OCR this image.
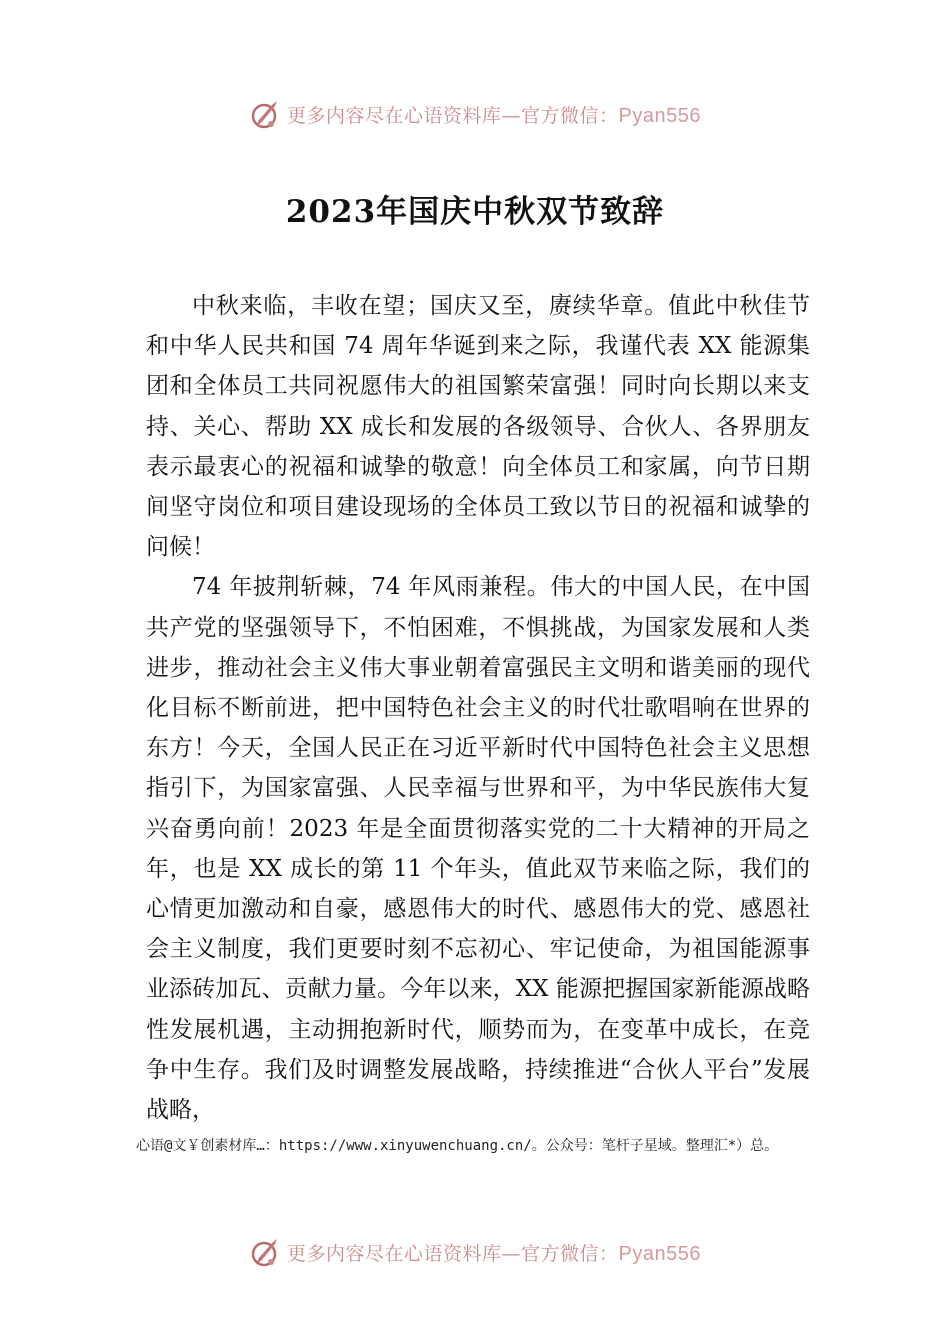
更多内容尽在心语资料库—官方微信：Pyan556
2023年国庆中秋双节致辞

中秋来临，丰收在望；国庆又至，赓续华章。值此中秋佳节和中华人民共和国 74 周年华诞到来之际，我谨代表 XX 能源集团和全体员工共同祝愿伟大的祖国繁荣富强！同时向长期以来支持、关心、帮助 XX 成长和发展的各级领导、合伙人、各界朋友表示最衷心的祝福和诚挚的敬意！向全体员工和家属，向节日期间坚守岗位和项目建设现场的全体员工致以节日的祝福和诚挚的问候！

74 年披荆斩棘，74 年风雨兼程。伟大的中国人民，在中国共产党的坚强领导下，不怕困难，不惧挑战，为国家发展和人类进步，推动社会主义伟大事业朝着富强民主文明和谐美丽的现代化目标不断前进，把中国特色社会主义的时代壮歌唱响在世界的东方！今天，全国人民正在习近平新时代中国特色社会主义思想指引下，为国家富强、人民幸福与世界和平，为中华民族伟大复兴奋勇向前！2023 年是全面贯彻落实党的二十大精神的开局之年，也是 XX 成长的第 11 个年头，值此双节来临之际，我们的心情更加激动和自豪，感恩伟大的时代、感恩伟大的党、感恩社会主义制度，我们更要时刻不忘初心、牢记使命，为祖国能源事业添砖加瓦、贡献力量。今年以来，XX 能源把握国家新能源战略性发展机遇，主动拥抱新时代，顺势而为，在变革中成长，在竞争中生存。我们及时调整发展战略，持续推进“合伙人平台”发展战略，

心语@文￥创素材库…：https://www.xinyuwenchuang.cn/。公众号：笔杆子星域。整理汇*）总。
更多内容尽在心语资料库—官方微信：Pyan556
